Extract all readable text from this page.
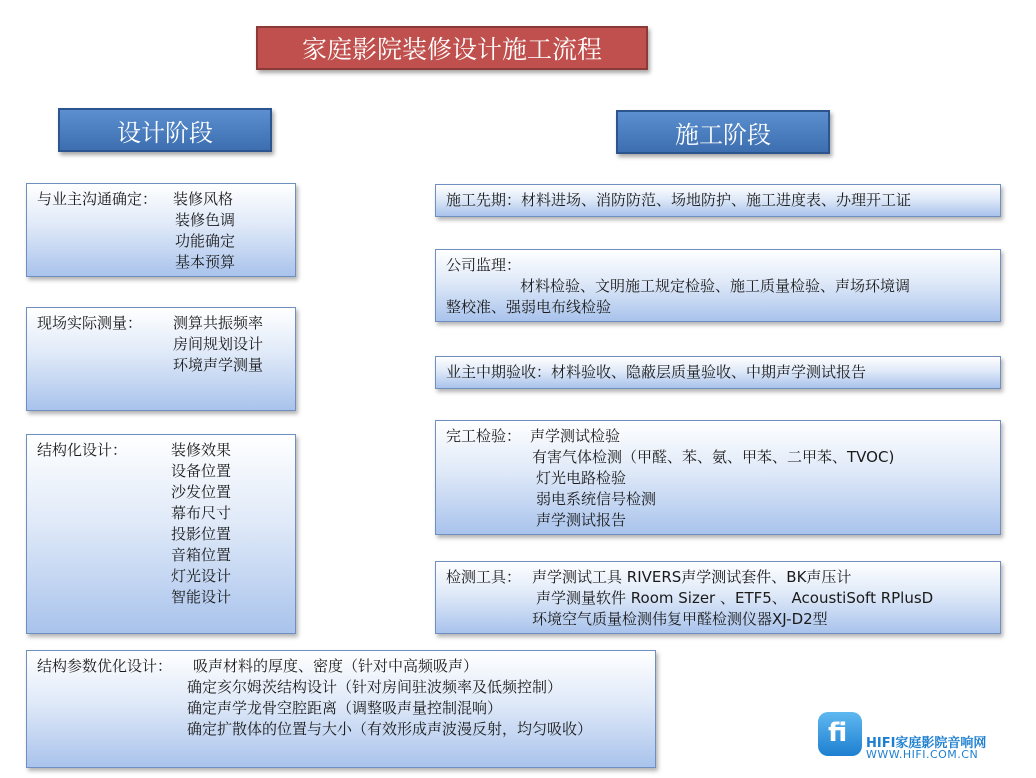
家庭影院装修设计施工流程
设计阶段	施工阶段
与业主沟通确定： 装修风格
装修色调
功能确定
基本预算
现场实际测量： 测算共振频率
房间规划设计
环境声学测量
结构化设计：	装修效果
设备位置
沙发位置
幕布尺寸
投影位置
音箱位置
灯光设计
智能设计
结构参数优化设计： 吸声材料的厚度、密度（针对中高频吸声）
确定亥尔姆茨结构设计（针对房间驻波频率及低频控制）
确定声学龙骨空腔距离（调整吸声量控制混响）
确定扩散体的位置与大小（有效形成声波漫反射，均匀吸收）
施工先期：材料进场、消防防范、场地防护、施工进度表、办理开工证
公司监理：
材料检验、文明施工规定检验、施工质量检验、声场环境调
整校准、强弱电布线检验
业主中期验收：材料验收、隐蔽层质量验收、中期声学测试报告
完工检验： 声学测试检验
有害气体检测（甲醛、苯、氨、甲苯、二甲苯、TVOC)
灯光电路检验
弱电系统信号检测
声学测试报告
检测工具： 声学测试工具 RIVERS声学测试套件、BK声压计
声学测量软件 Room Sizer 、ETF5、 AcoustiSoft RPlusD
环境空气质量检测伟复甲醛检测仪器XJ-D2型
fi HIFI家庭影院音响网
WWW.HIFI.COM.CN
